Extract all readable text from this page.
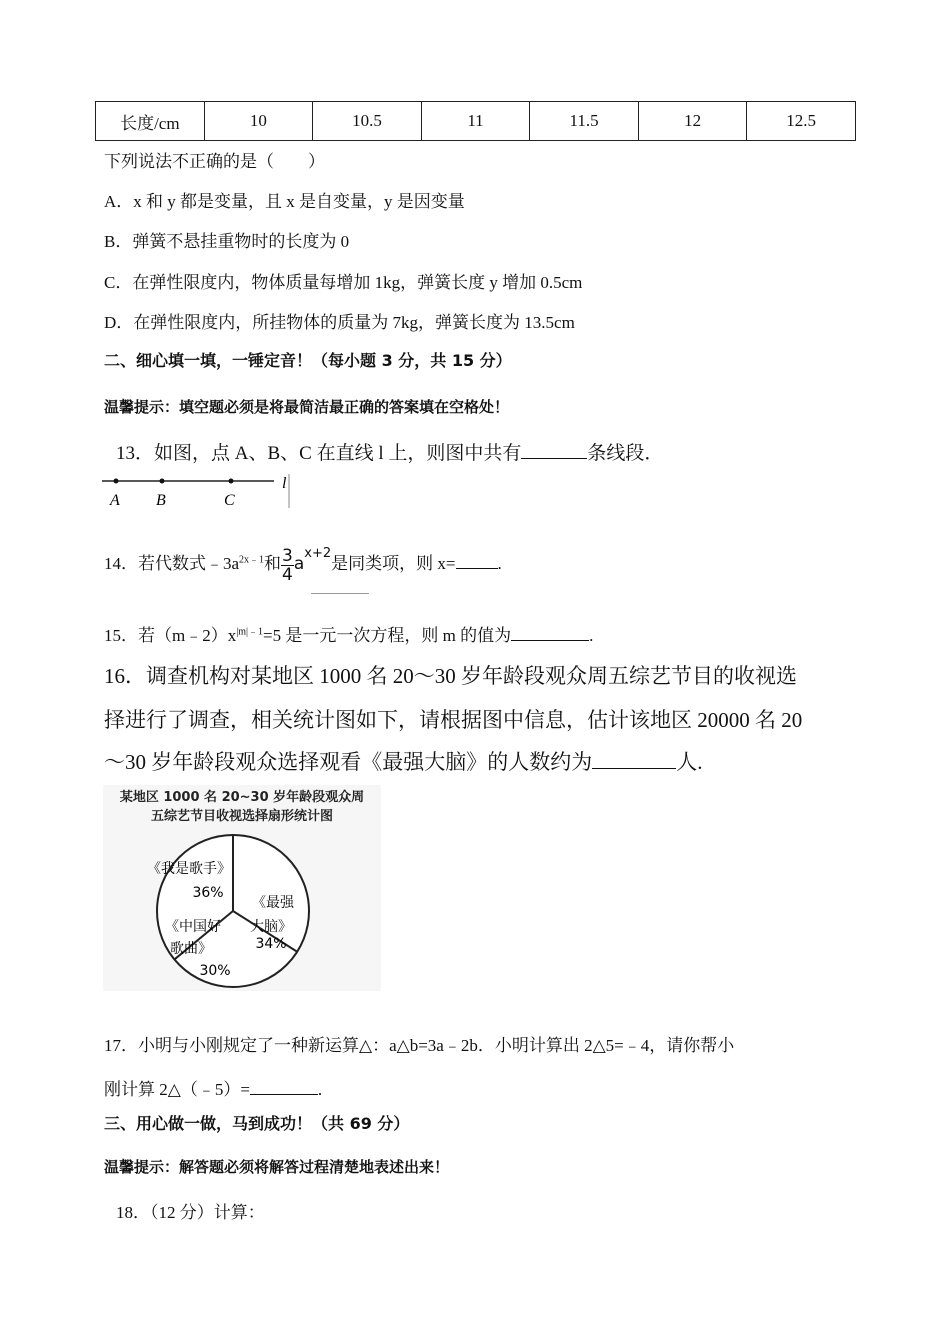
长度/cm	10	10.5	11	11.5	12	12.5
下列说法不正确的是（　　）
A．x 和 y 都是变量，且 x 是自变量，y 是因变量
B．弹簧不悬挂重物时的长度为 0
C．在弹性限度内，物体质量每增加 1kg，弹簧长度 y 增加 0.5cm
D．在弹性限度内，所挂物体的质量为 7kg，弹簧长度为 13.5cm
二、细心填一填，一锤定音！（每小题 3 分，共 15 分）
温馨提示：填空题必须是将最简洁最正确的答案填在空格处！
13．如图，点 A、B、C 在直线 l 上，则图中共有	条线段．
A B	C
l
14．若代数式$﹣3a^{2x﹣1}$和 $\frac{3}{4} a^{x+2}$是同类项，则 x= .
15．若$(m﹣2)x^{|m|﹣1}=5$ 是一元一次方程，则 m 的值为	.
16．调查机构对某地区 1000 名 20～30 岁年龄段观众周五综艺节目的收视选
择进行了调查，相关统计图如下，请根据图中信息，估计该地区 20000 名 20
～30 岁年龄段观众选择观看《最强大脑》的人数约为	人.
某地区 1000 名 20~30 岁年龄段观众周
五综艺节目收视选择扇形统计图
《我是歌手》
36%
《最强
大脑》
34%
《中国好
歌曲》
30%
17．小明与小刚规定了一种新运算△：a△b=3a﹣2b．小明计算出 2△5=﹣4，请你帮小
刚计算 2△（﹣5）=	.
三、用心做一做，马到成功！（共 69 分）
温馨提示：解答题必须将解答过程清楚地表述出来！
18．（12 分）计算：
